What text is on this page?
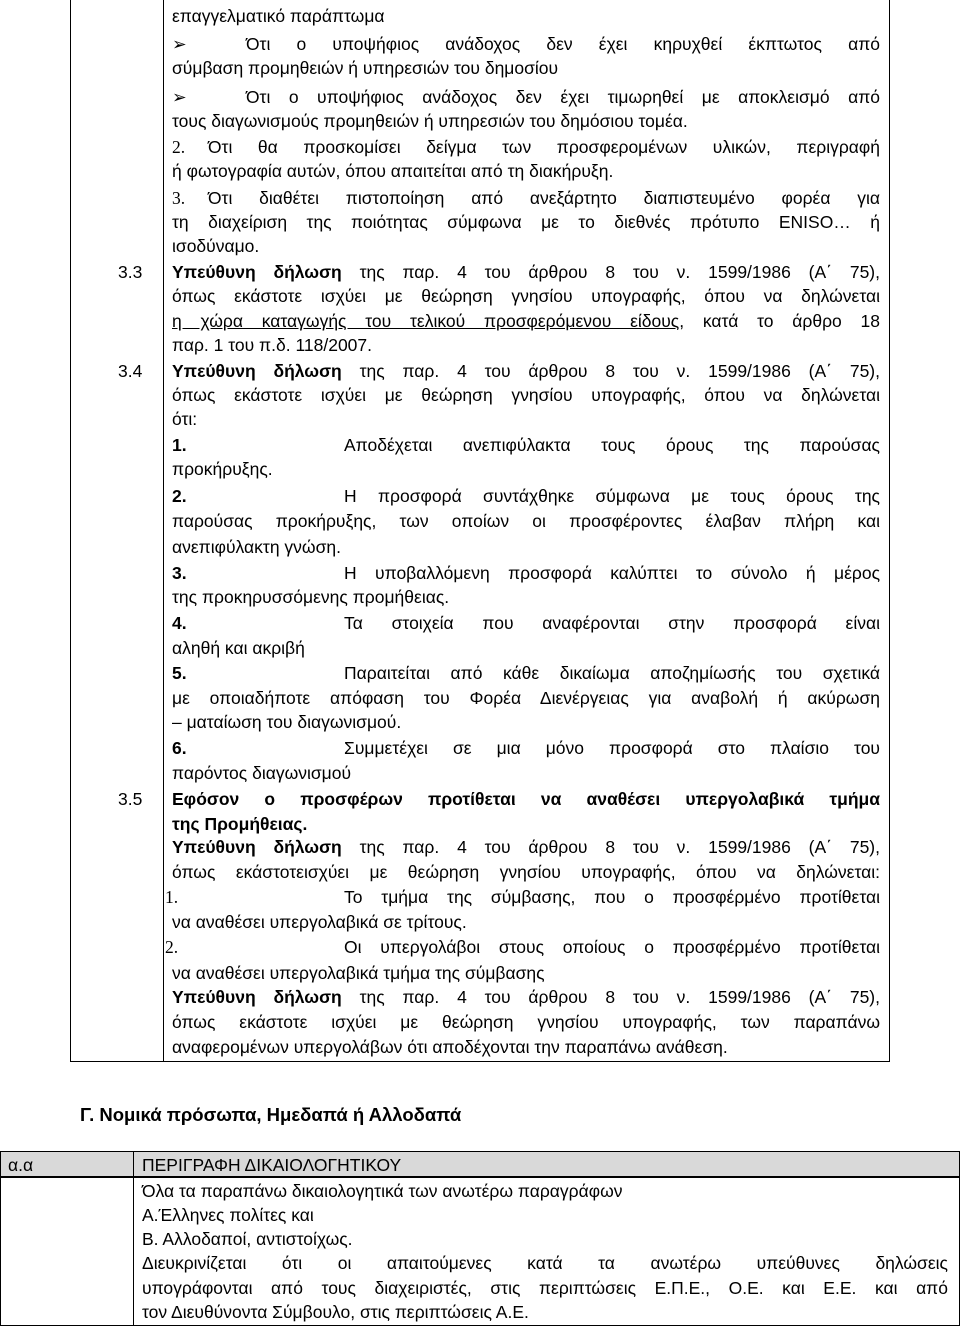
επαγγελματικό παράπτωμα
➢	Ότι ο υποψήφιος ανάδοχος δεν έχει κηρυχθεί έκπτωτος από
σύμβαση προμηθειών ή υπηρεσιών του δημοσίου
➢	Ότι ο υποψήφιος ανάδοχος δεν έχει τιμωρηθεί με αποκλεισμό από
τους διαγωνισμούς προμηθειών ή υπηρεσιών του δημόσιου τομέα.
2. Ότι θα προσκομίσει δείγμα των προσφερομένων υλικών, περιγραφή
ή φωτογραφία αυτών, όπου απαιτείται από τη διακήρυξη.
3. Ότι διαθέτει πιστοποίηση από ανεξάρτητο διαπιστευμένο φορέα για
τη διαχείριση της ποιότητας σύμφωνα με το διεθνές πρότυπο ENISO… ή
ισοδύναμο.
3.3 Υπεύθυνη δήλωση της παρ. 4 του άρθρου 8 του ν. 1599/1986 (Α΄ 75),
όπως εκάστοτε ισχύει με θεώρηση γνησίου υπογραφής, όπου να δηλώνεται
η χώρα καταγωγής του τελικού προσφερόμενου είδους, κατά το άρθρο 18
παρ. 1 του π.δ. 118/2007.
3.4 Υπεύθυνη δήλωση της παρ. 4 του άρθρου 8 του ν. 1599/1986 (Α΄ 75),
όπως εκάστοτε ισχύει με θεώρηση γνησίου υπογραφής, όπου να δηλώνεται
ότι:
1.	Αποδέχεται ανεπιφύλακτα τους όρους της παρούσας
προκήρυξης.
2.	Η προσφορά συντάχθηκε σύμφωνα με τους όρους της
παρούσας προκήρυξης, των οποίων οι προσφέροντες έλαβαν πλήρη και
ανεπιφύλακτη γνώση.
3.	Η υποβαλλόμενη προσφορά καλύπτει το σύνολο ή μέρος
της προκηρυσσόμενης προμήθειας.
4.	Τα στοιχεία που αναφέρονται στην προσφορά είναι
αληθή και ακριβή
5.	Παραιτείται από κάθε δικαίωμα αποζημίωσής του σχετικά
με οποιαδήποτε απόφαση του Φορέα Διενέργειας για αναβολή ή ακύρωση
– ματαίωση του διαγωνισμού.
6.	Συμμετέχει σε μια μόνο προσφορά στο πλαίσιο του
παρόντος διαγωνισμού
3.5 Εφόσον ο προσφέρων προτίθεται να αναθέσει υπεργολαβικά τμήμα
της Προμήθειας.
Υπεύθυνη δήλωση της παρ. 4 του άρθρου 8 του ν. 1599/1986 (Α΄ 75),
όπως εκάστοτεισχύει με θεώρηση γνησίου υπογραφής, όπου να δηλώνεται:
1.	Το τμήμα της σύμβασης, που ο προσφέρμένο προτίθεται
να αναθέσει υπεργολαβικά σε τρίτους.
2.	Οι υπεργολάβοι στους οποίους ο προσφέρμένο προτίθεται
να αναθέσει υπεργολαβικά τμήμα της σύμβασης
Υπεύθυνη δήλωση της παρ. 4 του άρθρου 8 του ν. 1599/1986 (Α΄ 75),
όπως εκάστοτε ισχύει με θεώρηση γνησίου υπογραφής, των παραπάνω
αναφερομένων υπεργολάβων ότι αποδέχονται την παραπάνω ανάθεση.
Γ. Νομικά πρόσωπα, Ημεδαπά ή Αλλοδαπά
α.α	ΠΕΡΙΓΡΑΦΗ ΔΙΚΑΙΟΛΟΓΗΤΙΚΟΥ
Όλα τα παραπάνω δικαιολογητικά των ανωτέρω παραγράφων
Α.Έλληνες πολίτες και
Β. Αλλοδαποί, αντιστοίχως.
Διευκρινίζεται ότι οι απαιτούμενες κατά τα ανωτέρω υπεύθυνες δηλώσεις
υπογράφονται από τους διαχειριστές, στις περιπτώσεις Ε.Π.Ε., Ο.Ε. και Ε.Ε. και από
τον Διευθύνοντα Σύμβουλο, στις περιπτώσεις Α.Ε.
